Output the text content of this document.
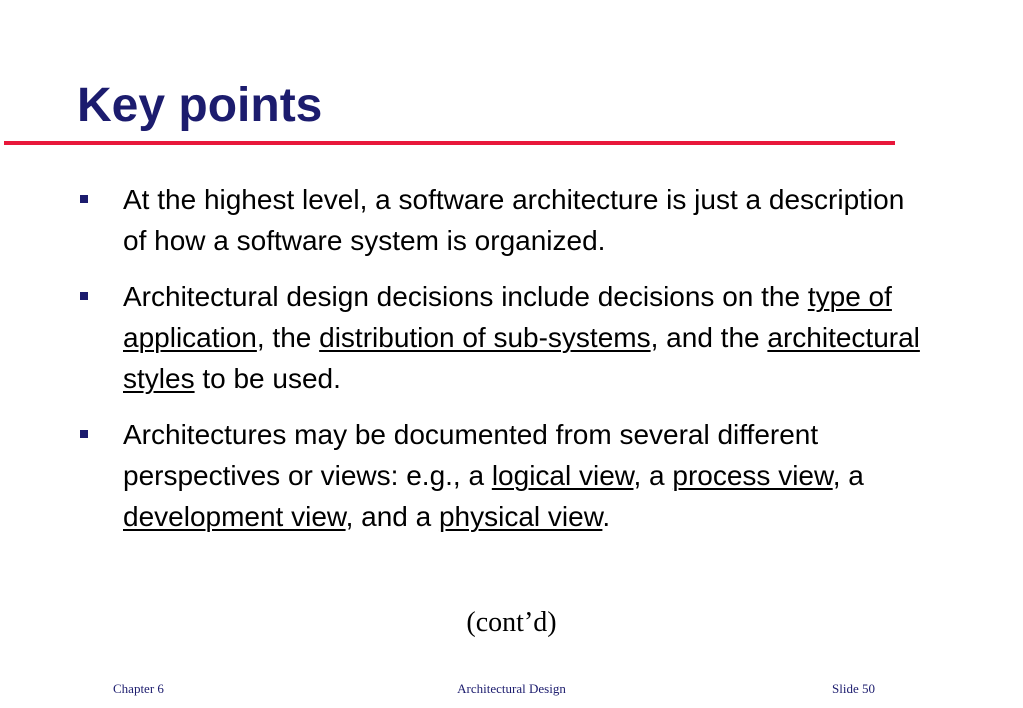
Key points
At the highest level, a software architecture is just a description of how a software system is organized.
Architectural design decisions include decisions on the type of application, the distribution of sub-systems, and the architectural styles to be used.
Architectures may be documented from several different perspectives or views: e.g., a logical view, a process view, a development view, and a physical view.
(cont’d)
Chapter 6	Architectural Design	Slide 50
